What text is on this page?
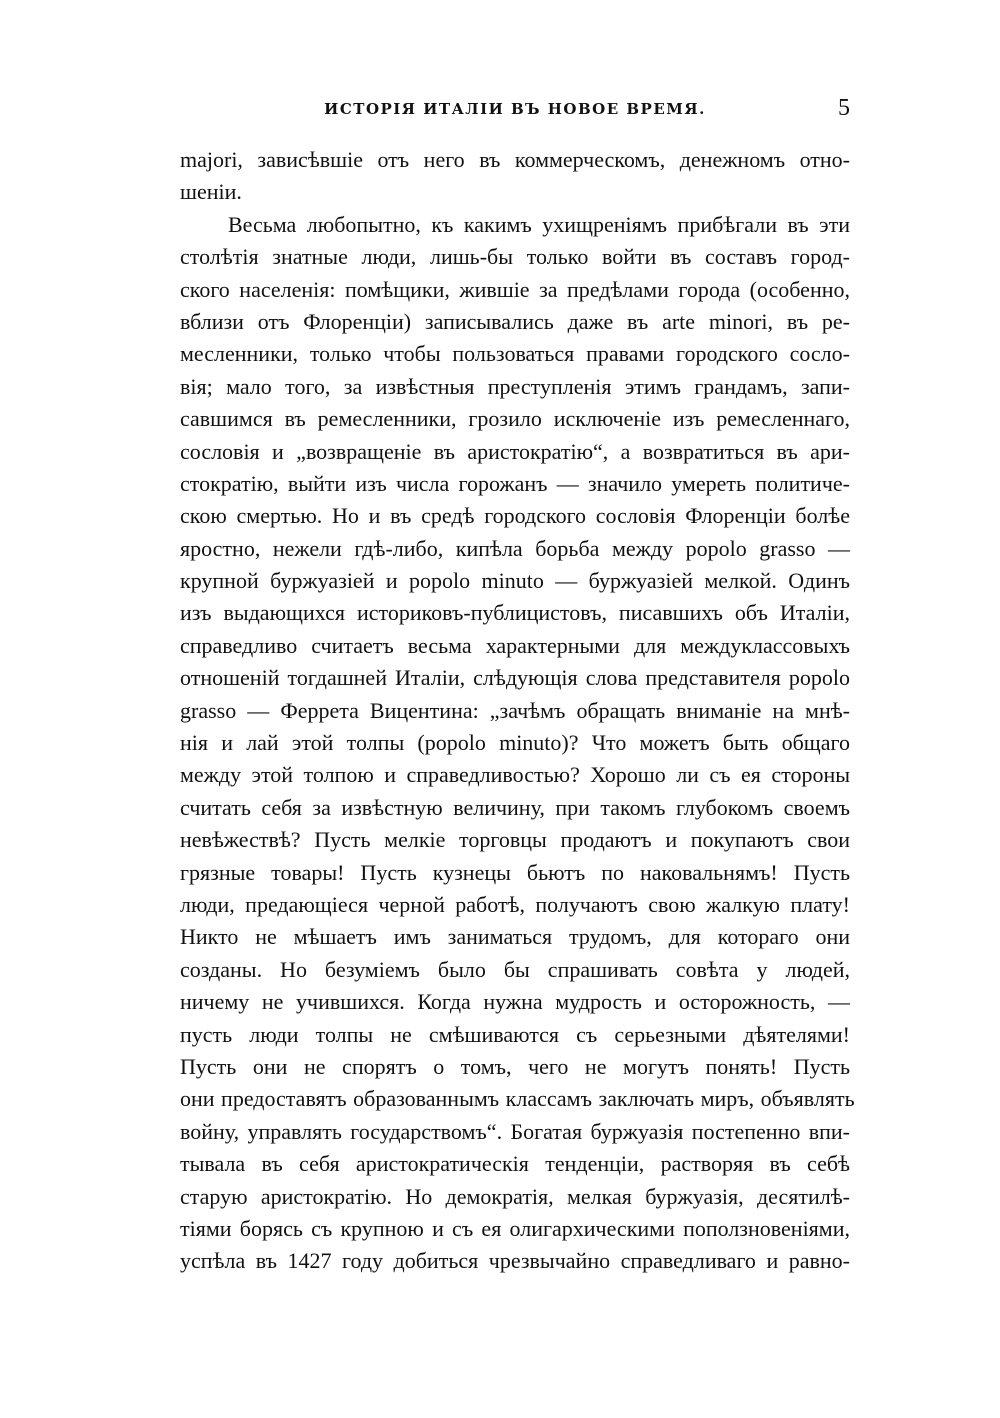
ИСТОРІЯ ИТАЛІИ ВЪ НОВОЕ ВРЕМЯ.	5
majori, зависѣвшіе отъ него въ коммерческомъ, денежномъ отно-
шеніи.
Весьма любопытно, къ какимъ ухищреніямъ прибѣгали въ эти
столѣтія знатные люди, лишь-бы только войти въ составъ город-
ского населенія: помѣщики, жившіе за предѣлами города (особенно,
вблизи отъ Флоренціи) записывались даже въ arte minori, въ ре-
месленники, только чтобы пользоваться правами городского сосло-
вія; мало того, за извѣстныя преступленія этимъ грандамъ, запи-
савшимся въ ремесленники, грозило исключеніе изъ ремесленнаго,
сословія и „возвращеніе въ аристократію“, а возвратиться въ ари-
стократію, выйти изъ числа горожанъ — значило умереть политиче-
скою смертью. Но и въ средѣ городского сословія Флоренціи болѣе
яростно, нежели гдѣ-либо, кипѣла борьба между popolo grasso —
крупной буржуазіей и popolo minuto — буржуазіей мелкой. Одинъ
изъ выдающихся историковъ-публицистовъ, писавшихъ объ Италіи,
справедливо считаетъ весьма характерными для междуклассовыхъ
отношеній тогдашней Италіи, слѣдующія слова представителя popolo
grasso — Феррета Вицентина: „зачѣмъ обращать вниманіе на мнѣ-
нія и лай этой толпы (popolo minuto)? Что можетъ быть общаго
между этой толпою и справедливостью? Хорошо ли съ ея стороны
считать себя за извѣстную величину, при такомъ глубокомъ своемъ
невѣжествѣ? Пусть мелкіе торговцы продаютъ и покупаютъ свои
грязные товары! Пусть кузнецы бьютъ по наковальнямъ! Пусть
люди, предающіеся черной работѣ, получаютъ свою жалкую плату!
Никто не мѣшаетъ имъ заниматься трудомъ, для котораго они
созданы. Но безуміемъ было бы спрашивать совѣта у людей,
ничему не учившихся. Когда нужна мудрость и осторожность, —
пусть люди толпы не смѣшиваются съ серьезными дѣятелями!
Пусть они не спорятъ о томъ, чего не могутъ понять! Пусть
они предоставятъ образованнымъ классамъ заключать миръ, объявлять
войну, управлять государствомъ“. Богатая буржуазія постепенно впи-
тывала въ себя аристократическія тенденціи, растворяя въ себѣ
старую аристократію. Но демократія, мелкая буржуазія, десятилѣ-
тіями борясь съ крупною и съ ея олигархическими поползновеніями,
успѣла въ 1427 году добиться чрезвычайно справедливаго и равно-
